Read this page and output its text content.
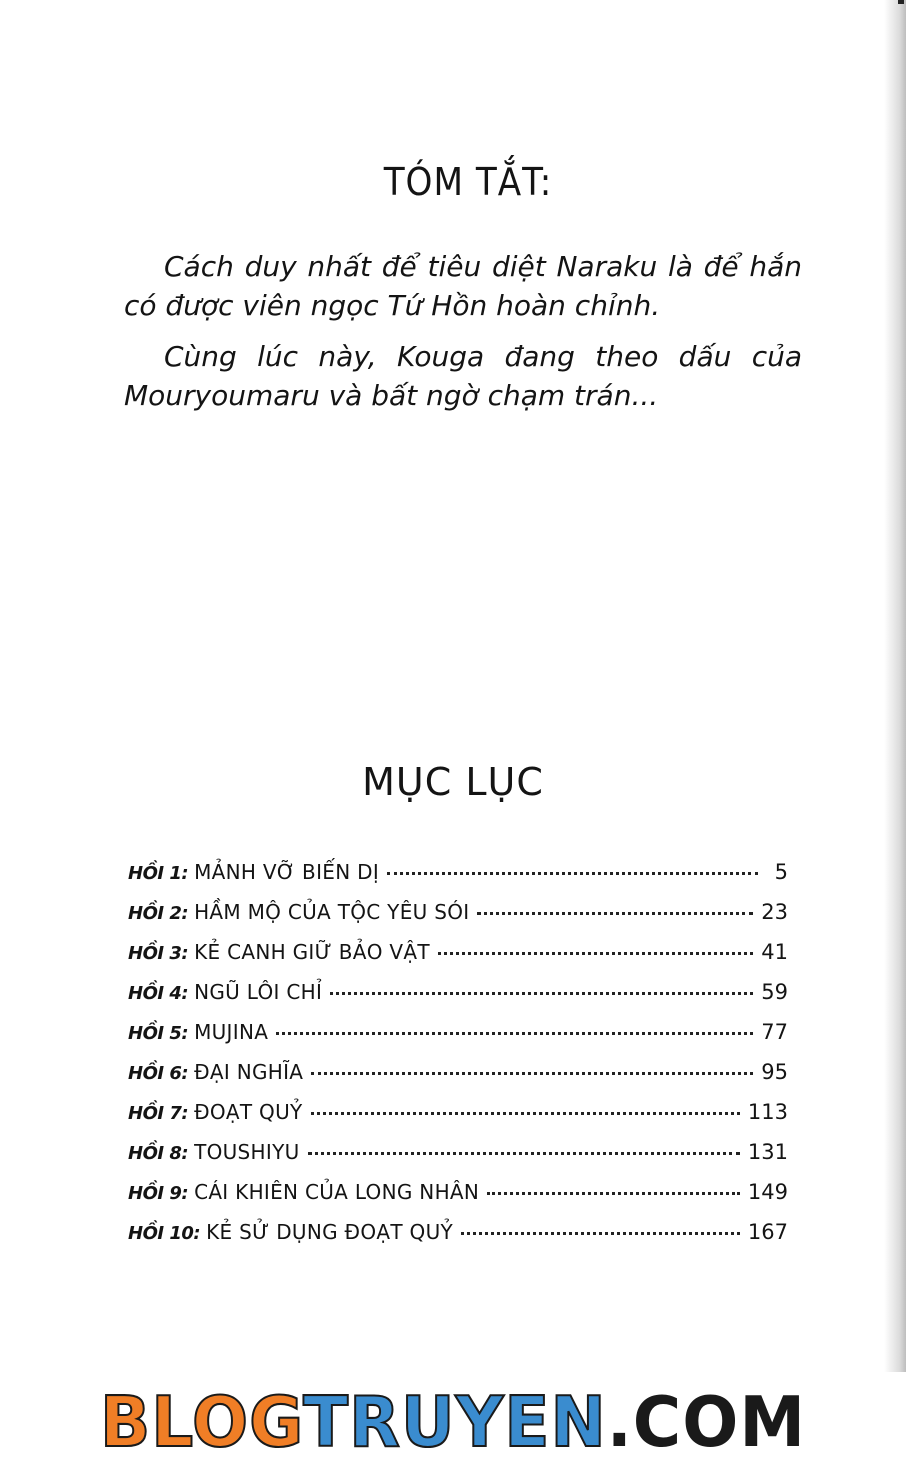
TÓM TẮT:
Cách duy nhất để tiêu diệt Naraku là để hắn
có được viên ngọc Tứ Hồn hoàn chỉnh.
Cùng lúc này, Kouga đang theo dấu của
Mouryoumaru và bất ngờ chạm trán...
MỤC LỤC
HỒI 1: MẢNH VỠ BIẾN DỊ	5
HỒI 2: HẦM MỘ CỦA TỘC YÊU SÓI	23
HỒI 3: KẺ CANH GIỮ BẢO VẬT	41
HỒI 4: NGŨ LÔI CHỈ	59
HỒI 5: MUJINA	77
HỒI 6: ĐẠI NGHĨA	95
HỒI 7: ĐOẠT QUỶ	113
HỒI 8: TOUSHIYU	131
HỒI 9: CÁI KHIÊN CỦA LONG NHÂN	149
HỒI 10: KẺ SỬ DỤNG ĐOẠT QUỶ	167
BLOGTRUYEN.COM
